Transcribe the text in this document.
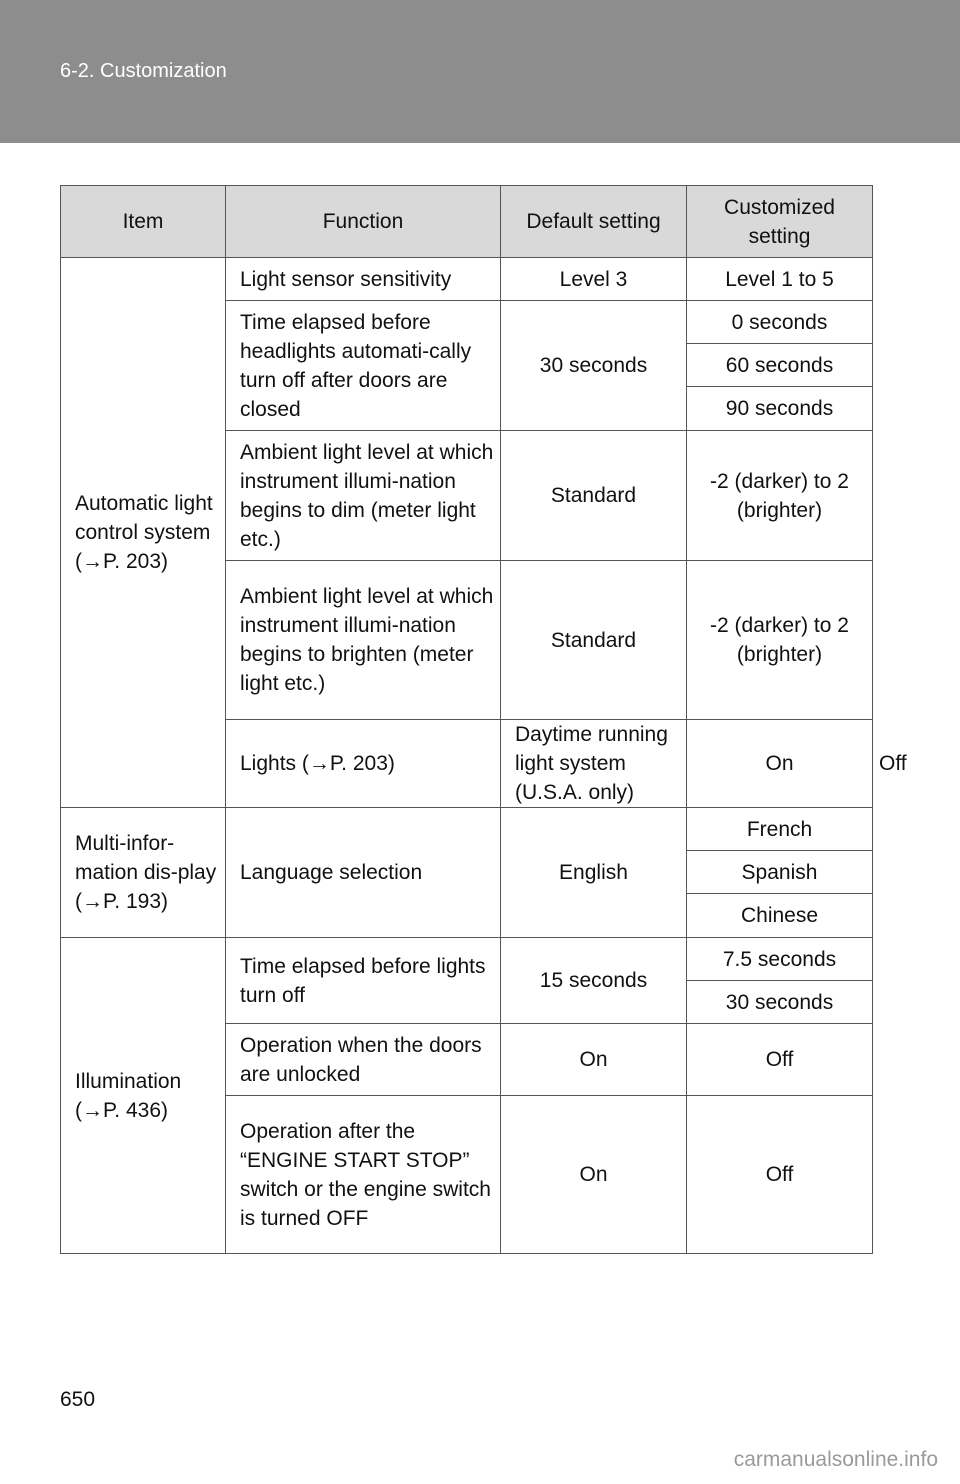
6-2. Customization
Item	Function	Default setting	Customized setting	
Automatic light control system (→P. 203)	Light sensor sensitivity	Level 3	Level 1 to 5	
	Time elapsed before headlights automati-cally turn off after doors are closed	30 seconds	0 seconds	
			60 seconds	
			90 seconds	
	Ambient light level at which instrument illumi-nation begins to dim (meter light etc.)	Standard	-2 (darker) to 2 (brighter)	
	Ambient light level at which instrument illumi-nation begins to brighten (meter light etc.)	Standard	-2 (darker) to 2 (brighter)	
	Lights (→P. 203)	Daytime running light system (U.S.A. only)	On	Off
Multi-infor-mation dis-play (→P. 193)	Language selection	English	French	
			Spanish	
			Chinese	
Illumination (→P. 436)	Time elapsed before lights turn off	15 seconds	7.5 seconds	
			30 seconds	
	Operation when the doors are unlocked	On	Off	
	Operation after the “ENGINE START STOP” switch or the engine switch is turned OFF	On	Off	
650
carmanualsonline.info
